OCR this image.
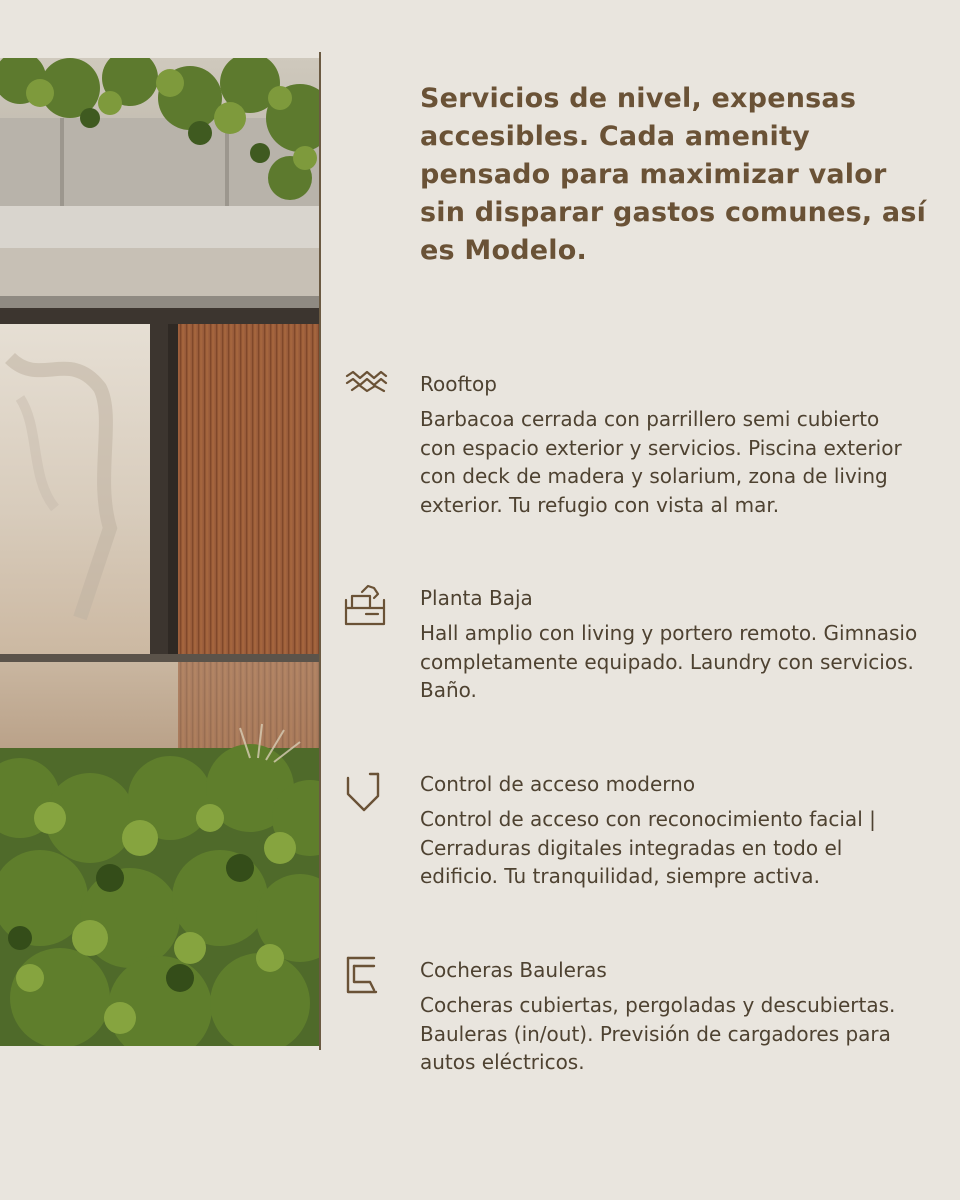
Servicios de nivel, expensas accesibles. Cada amenity pensado para maximizar valor sin disparar gastos comunes, así es Modelo.
Rooftop

Barbacoa cerrada con parrillero semi cubierto con espacio exterior y servicios. Piscina exterior con deck de madera y solarium, zona de living exterior. Tu refugio con vista al mar.

Planta Baja

Hall amplio con living y portero remoto. Gimnasio completamente equipado. Laundry con servicios. Baño.

Control de acceso moderno

Control de acceso con reconocimiento facial | Cerraduras digitales integradas en todo el edificio. Tu tranquilidad, siempre activa.

Cocheras Bauleras

Cocheras cubiertas, pergoladas y descubiertas. Bauleras (in/out). Previsión de cargadores para autos eléctricos.
